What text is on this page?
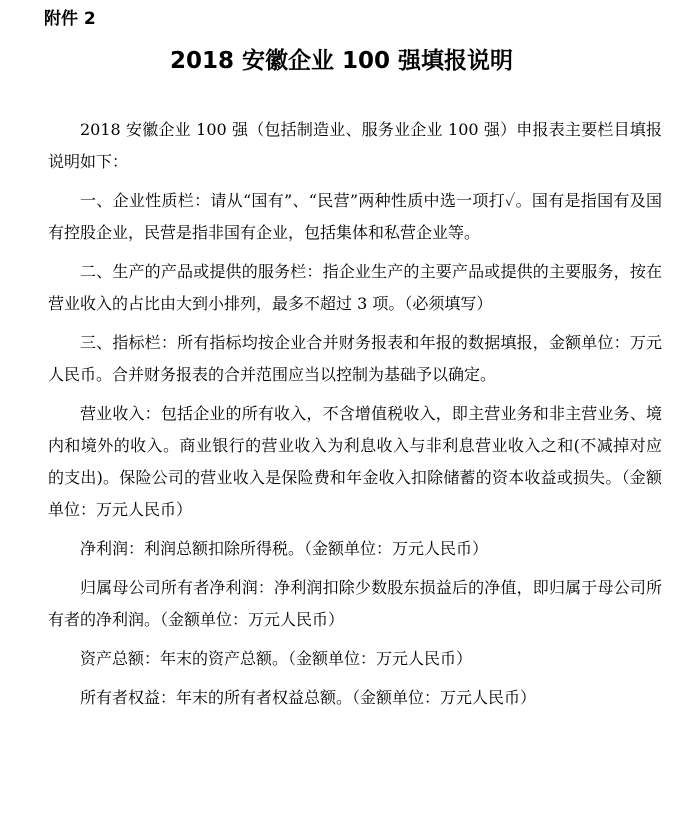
附件 2
2018 安徽企业 100 强填报说明

2018 安徽企业 100 强（包括制造业、服务业企业 100 强）申报表主要栏目填报说明如下：

一、企业性质栏：请从“国有”、“民营”两种性质中选一项打✓。国有是指国有及国有控股企业，民营是指非国有企业，包括集体和私营企业等。

二、生产的产品或提供的服务栏：指企业生产的主要产品或提供的主要服务，按在营业收入的占比由大到小排列，最多不超过 3 项。（必须填写）

三、指标栏：所有指标均按企业合并财务报表和年报的数据填报，金额单位：万元人民币。合并财务报表的合并范围应当以控制为基础予以确定。

营业收入：包括企业的所有收入，不含增值税收入，即主营业务和非主营业务、境内和境外的收入。商业银行的营业收入为利息收入与非利息营业收入之和(不减掉对应的支出)。保险公司的营业收入是保险费和年金收入扣除储蓄的资本收益或损失。（金额单位：万元人民币）

净利润：利润总额扣除所得税。（金额单位：万元人民币）

归属母公司所有者净利润：净利润扣除少数股东损益后的净值，即归属于母公司所有者的净利润。（金额单位：万元人民币）

资产总额：年末的资产总额。（金额单位：万元人民币）

所有者权益：年末的所有者权益总额。（金额单位：万元人民币）
